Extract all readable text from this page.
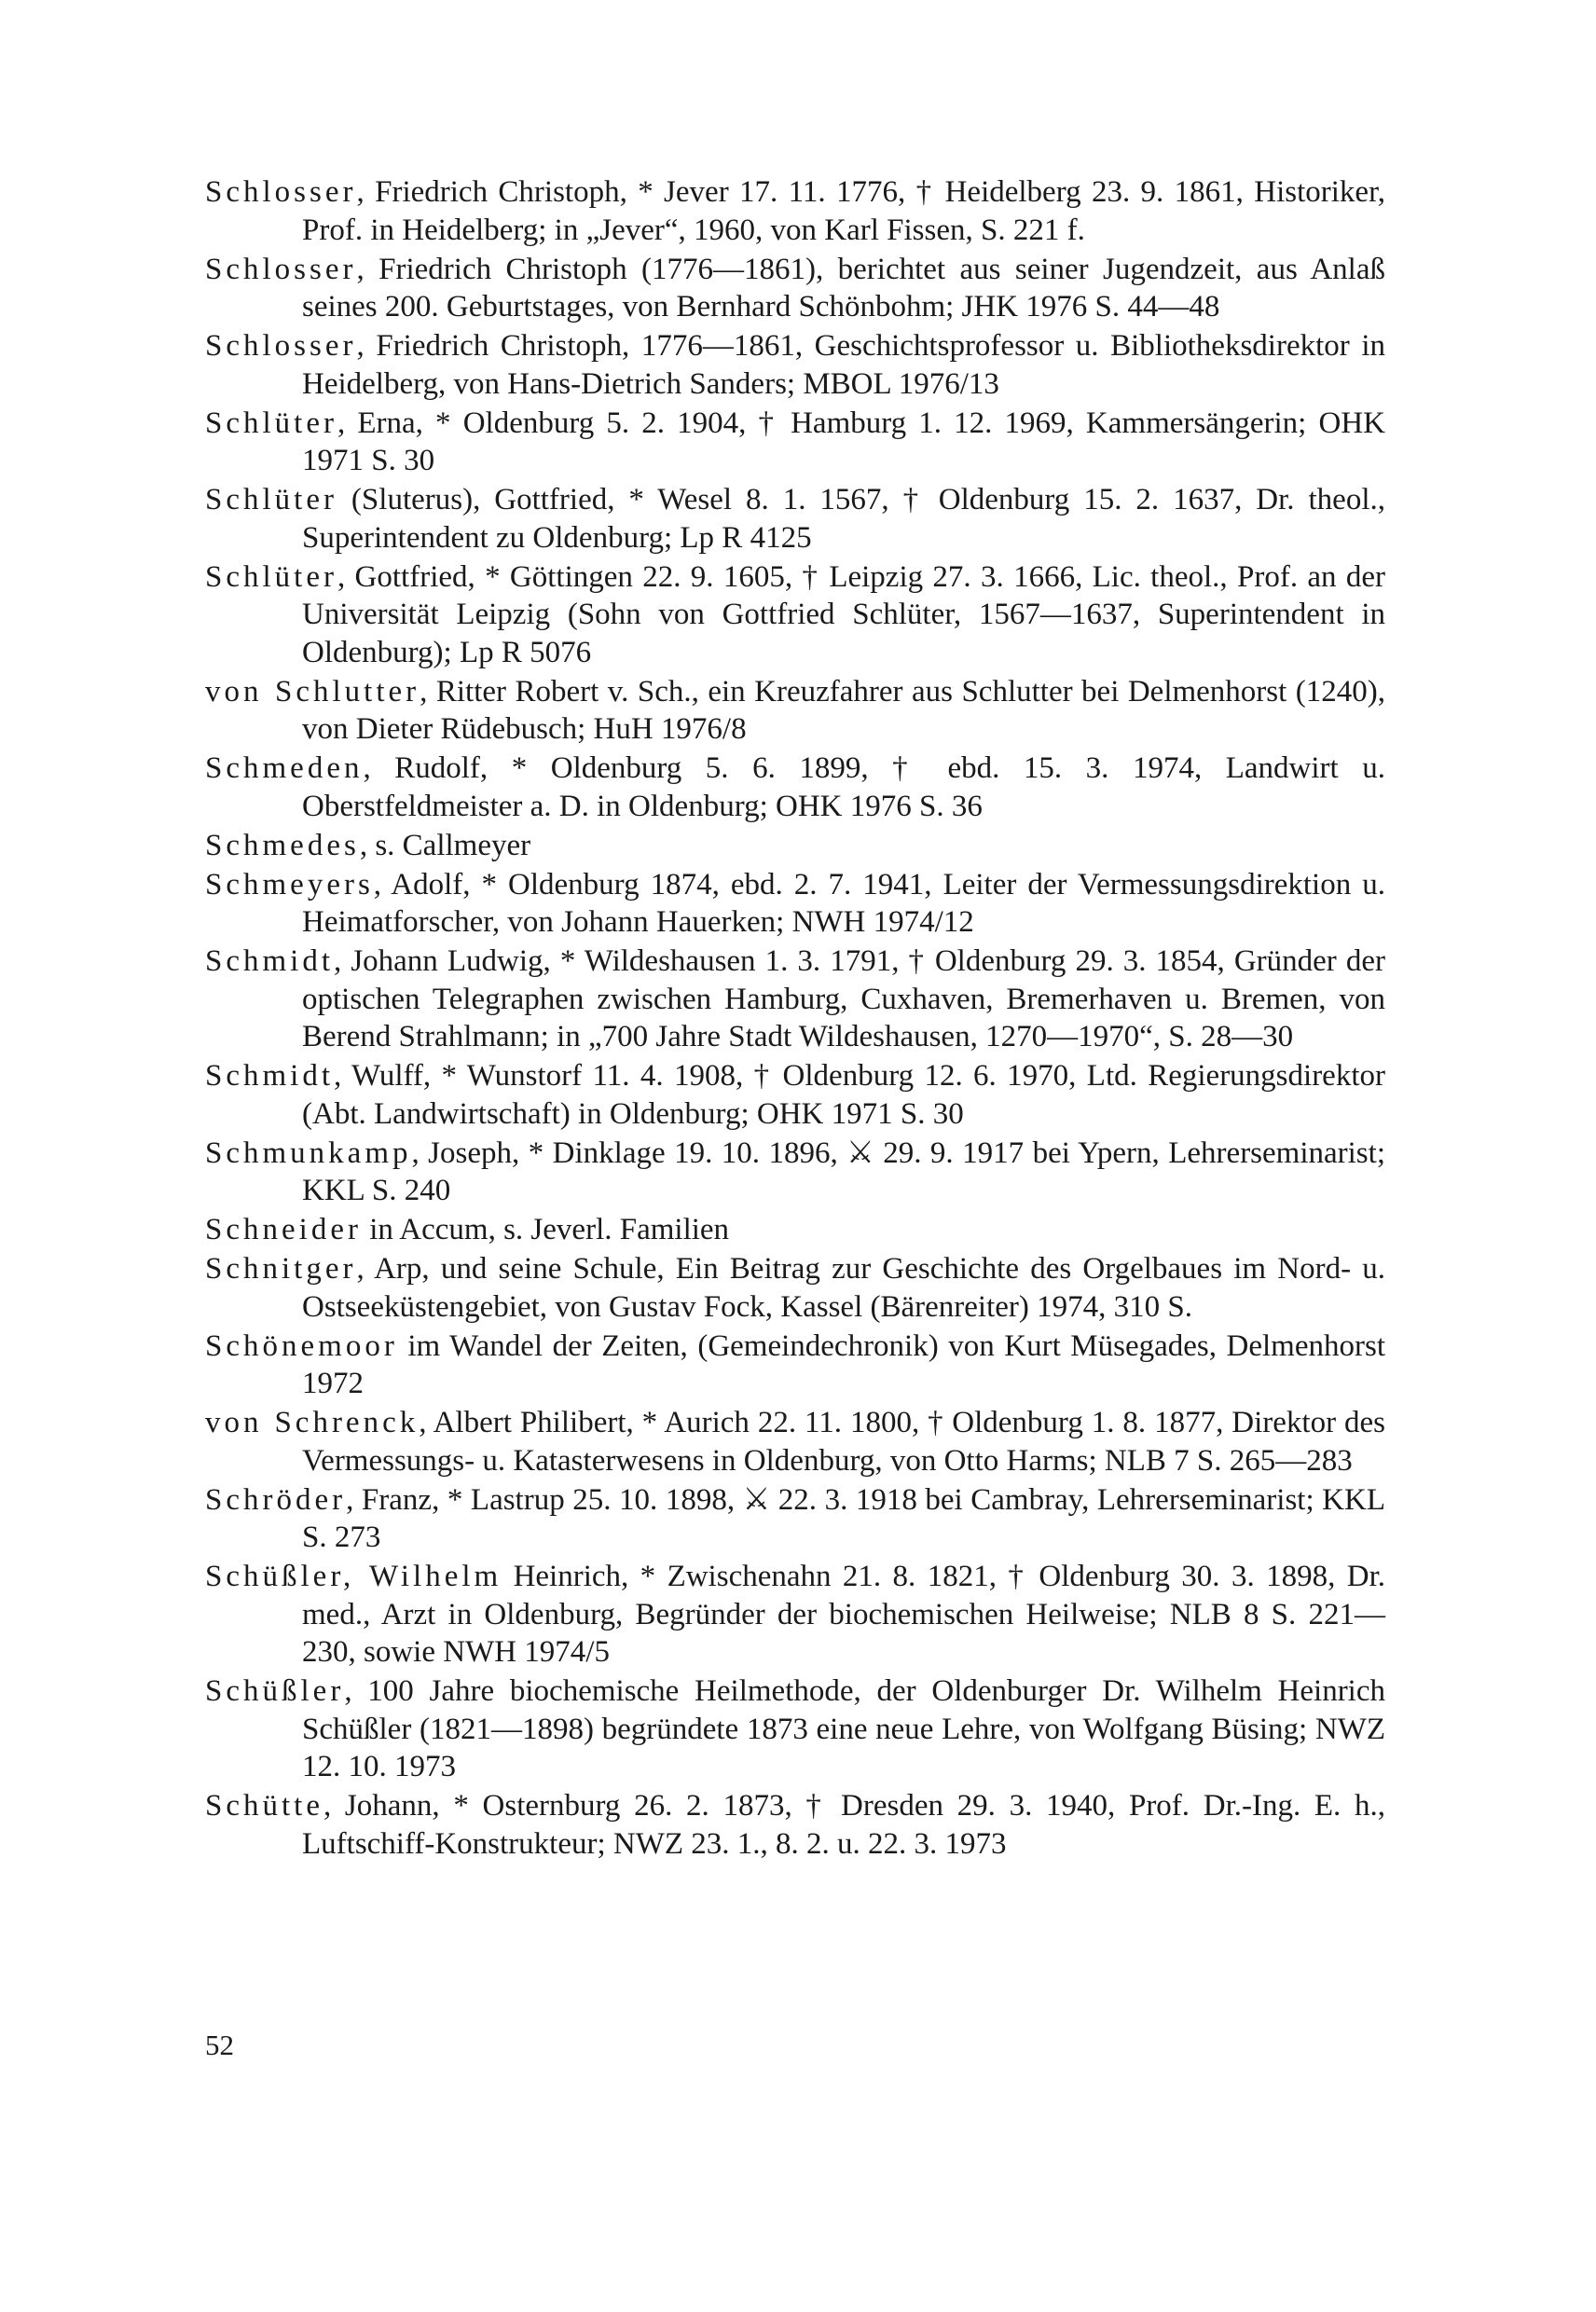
Schlosser, Friedrich Christoph, * Jever 17. 11. 1776, † Heidelberg 23. 9. 1861, Historiker, Prof. in Heidelberg; in „Jever“, 1960, von Karl Fissen, S. 221 f.

Schlosser, Friedrich Christoph (1776—1861), berichtet aus seiner Jugendzeit, aus Anlaß seines 200. Geburtstages, von Bernhard Schönbohm; JHK 1976 S. 44—48

Schlosser, Friedrich Christoph, 1776—1861, Geschichtsprofessor u. Bibliotheksdirektor in Heidelberg, von Hans-Dietrich Sanders; MBOL 1976/13

Schlüter, Erna, * Oldenburg 5. 2. 1904, † Hamburg 1. 12. 1969, Kammersängerin; OHK 1971 S. 30

Schlüter (Sluterus), Gottfried, * Wesel 8. 1. 1567, † Oldenburg 15. 2. 1637, Dr. theol., Superintendent zu Oldenburg; Lp R 4125

Schlüter, Gottfried, * Göttingen 22. 9. 1605, † Leipzig 27. 3. 1666, Lic. theol., Prof. an der Universität Leipzig (Sohn von Gottfried Schlüter, 1567—1637, Superintendent in Oldenburg); Lp R 5076

von Schlutter, Ritter Robert v. Sch., ein Kreuzfahrer aus Schlutter bei Delmenhorst (1240), von Dieter Rüdebusch; HuH 1976/8

Schmeden, Rudolf, * Oldenburg 5. 6. 1899, † ebd. 15. 3. 1974, Landwirt u. Oberstfeldmeister a. D. in Oldenburg; OHK 1976 S. 36

Schmedes, s. Callmeyer

Schmeyers, Adolf, * Oldenburg 1874, ebd. 2. 7. 1941, Leiter der Vermessungsdirektion u. Heimatforscher, von Johann Hauerken; NWH 1974/12

Schmidt, Johann Ludwig, * Wildeshausen 1. 3. 1791, † Oldenburg 29. 3. 1854, Gründer der optischen Telegraphen zwischen Hamburg, Cuxhaven, Bremerhaven u. Bremen, von Berend Strahlmann; in „700 Jahre Stadt Wildeshausen, 1270—1970“, S. 28—30

Schmidt, Wulff, * Wunstorf 11. 4. 1908, † Oldenburg 12. 6. 1970, Ltd. Regierungsdirektor (Abt. Landwirtschaft) in Oldenburg; OHK 1971 S. 30

Schmunkamp, Joseph, * Dinklage 19. 10. 1896, ⚔ 29. 9. 1917 bei Ypern, Lehrerseminarist; KKL S. 240

Schneider in Accum, s. Jeverl. Familien

Schnitger, Arp, und seine Schule, Ein Beitrag zur Geschichte des Orgelbaues im Nord- u. Ostseeküstengebiet, von Gustav Fock, Kassel (Bärenreiter) 1974, 310 S.

Schönemoor im Wandel der Zeiten, (Gemeindechronik) von Kurt Müsegades, Delmenhorst 1972

von Schrenck, Albert Philibert, * Aurich 22. 11. 1800, † Oldenburg 1. 8. 1877, Direktor des Vermessungs- u. Katasterwesens in Oldenburg, von Otto Harms; NLB 7 S. 265—283

Schröder, Franz, * Lastrup 25. 10. 1898, ⚔ 22. 3. 1918 bei Cambray, Lehrerseminarist; KKL S. 273

Schüßler, Wilhelm Heinrich, * Zwischenahn 21. 8. 1821, † Oldenburg 30. 3. 1898, Dr. med., Arzt in Oldenburg, Begründer der biochemischen Heilweise; NLB 8 S. 221—230, sowie NWH 1974/5

Schüßler, 100 Jahre biochemische Heilmethode, der Oldenburger Dr. Wilhelm Heinrich Schüßler (1821—1898) begründete 1873 eine neue Lehre, von Wolfgang Büsing; NWZ 12. 10. 1973

Schütte, Johann, * Osternburg 26. 2. 1873, † Dresden 29. 3. 1940, Prof. Dr.-Ing. E. h., Luftschiff-Konstrukteur; NWZ 23. 1., 8. 2. u. 22. 3. 1973

52
